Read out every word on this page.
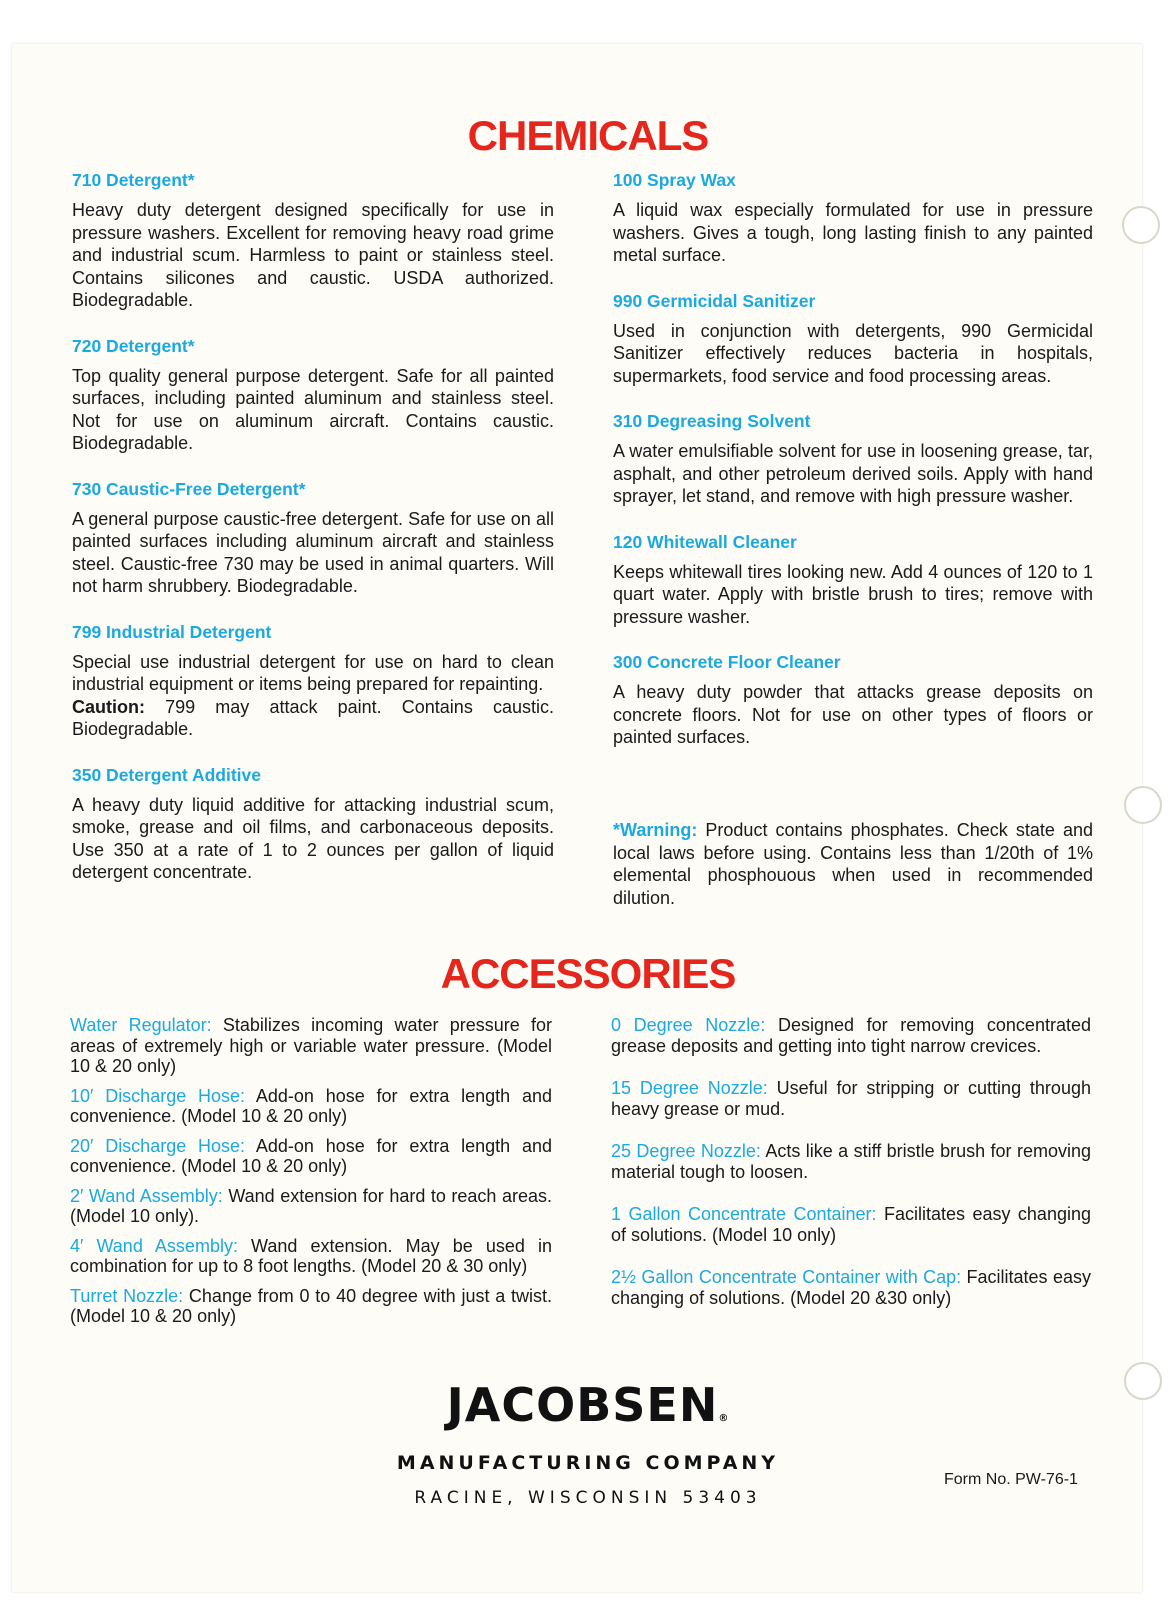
CHEMICALS
710 Detergent*

Heavy duty detergent designed specifically for use in pressure washers. Excellent for removing heavy road grime and industrial scum. Harmless to paint or stainless steel. Contains silicones and caustic. USDA authorized. Biodegradable.

720 Detergent*

Top quality general purpose detergent. Safe for all painted surfaces, including painted aluminum and stainless steel. Not for use on aluminum aircraft. Contains caustic. Biodegradable.

730 Caustic-Free Detergent*

A general purpose caustic-free detergent. Safe for use on all painted surfaces including aluminum aircraft and stainless steel. Caustic-free 730 may be used in animal quarters. Will not harm shrubbery. Biodegradable.

799 Industrial Detergent

Special use industrial detergent for use on hard to clean industrial equipment or items being prepared for repainting.

Caution: 799 may attack paint. Contains caustic. Biodegradable.

350 Detergent Additive

A heavy duty liquid additive for attacking industrial scum, smoke, grease and oil films, and carbonaceous deposits. Use 350 at a rate of 1 to 2 ounces per gallon of liquid detergent concentrate.

100 Spray Wax

A liquid wax especially formulated for use in pressure washers. Gives a tough, long lasting finish to any painted metal surface.

990 Germicidal Sanitizer

Used in conjunction with detergents, 990 Germicidal Sanitizer effectively reduces bacteria in hospitals, supermarkets, food service and food processing areas.

310 Degreasing Solvent

A water emulsifiable solvent for use in loosening grease, tar, asphalt, and other petroleum derived soils. Apply with hand sprayer, let stand, and remove with high pressure washer.

120 Whitewall Cleaner

Keeps whitewall tires looking new. Add 4 ounces of 120 to 1 quart water. Apply with bristle brush to tires; remove with pressure washer.

300 Concrete Floor Cleaner

A heavy duty powder that attacks grease deposits on concrete floors. Not for use on other types of floors or painted surfaces.

*Warning: Product contains phosphates. Check state and local laws before using. Contains less than 1/20th of 1% elemental phosphouous when used in recommended dilution.

ACCESSORIES

Water Regulator: Stabilizes incoming water pressure for areas of extremely high or variable water pressure. (Model 10 & 20 only)

10′ Discharge Hose: Add-on hose for extra length and convenience. (Model 10 & 20 only)

20′ Discharge Hose: Add-on hose for extra length and convenience. (Model 10 & 20 only)

2′ Wand Assembly: Wand extension for hard to reach areas. (Model 10 only).

4′ Wand Assembly: Wand extension. May be used in combination for up to 8 foot lengths. (Model 20 & 30 only)

Turret Nozzle: Change from 0 to 40 degree with just a twist. (Model 10 & 20 only)

0 Degree Nozzle: Designed for removing concentrated grease deposits and getting into tight narrow crevices.

15 Degree Nozzle: Useful for stripping or cutting through heavy grease or mud.

25 Degree Nozzle: Acts like a stiff bristle brush for removing material tough to loosen.

1 Gallon Concentrate Container: Facilitates easy changing of solutions. (Model 10 only)

2½ Gallon Concentrate Container with Cap: Facilitates easy changing of solutions. (Model 20 &30 only)

JACOBSEN®
MANUFACTURING COMPANY
RACINE, WISCONSIN 53403
Form No. PW-76-1
